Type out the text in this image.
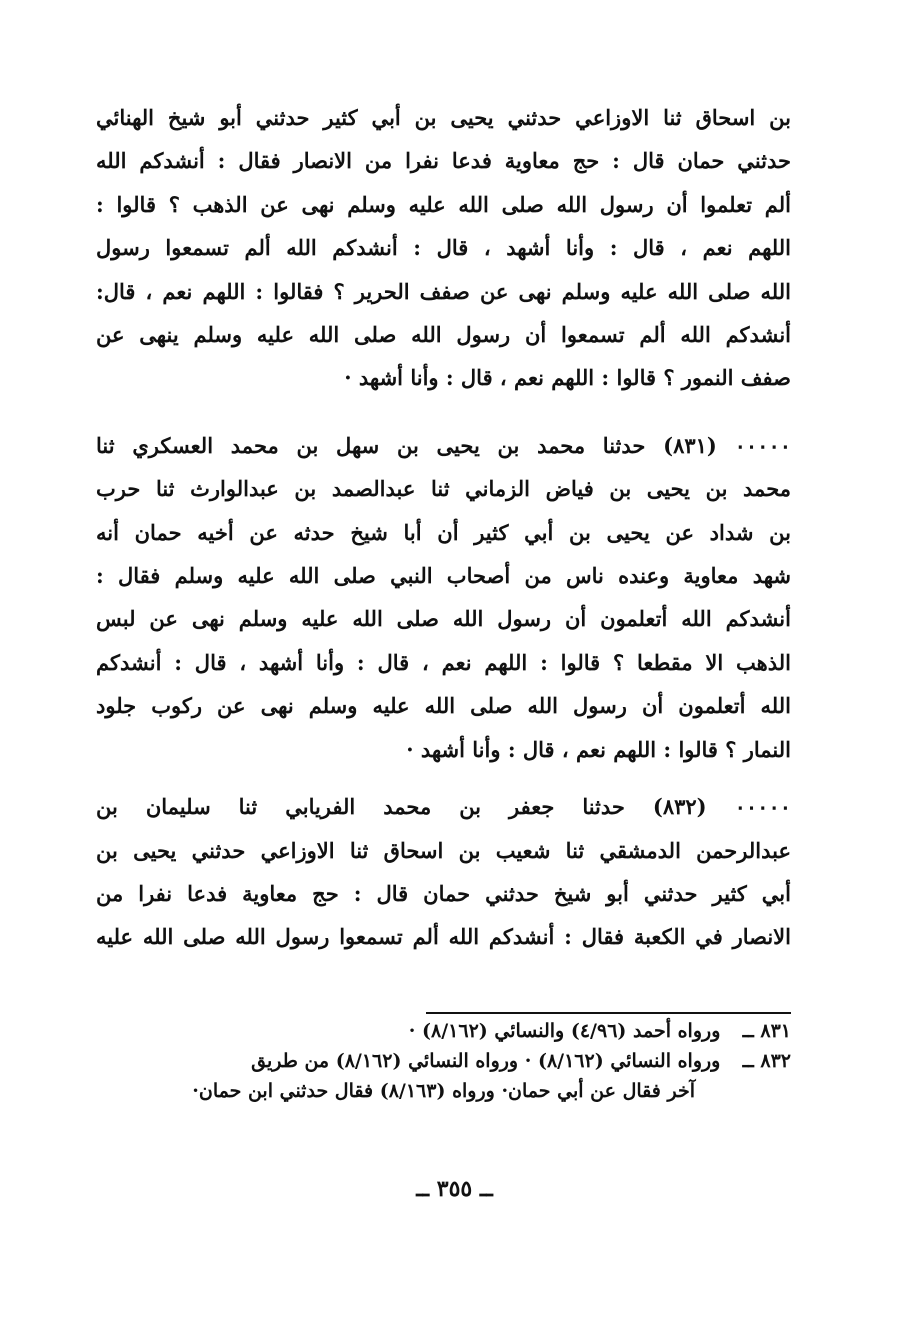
بن اسحاق ثنا الاوزاعي حدثني يحيى بن أبي كثير حدثني أبو شيخ الهنائي
حدثني حمان قال : حج معاوية فدعا نفرا من الانصار فقال : أنشدكم الله
ألم تعلموا أن رسول الله صلى الله عليه وسلم نهى عن الذهب ؟ قالوا :
اللهم نعم ، قال : وأنا أشهد ، قال : أنشدكم الله ألم تسمعوا رسول
الله صلى الله عليه وسلم نهى عن صفف الحرير ؟ فقالوا : اللهم نعم ، قال:
أنشدكم الله ألم تسمعوا أن رسول الله صلى الله عليه وسلم ينهى عن
صفف النمور ؟ قالوا : اللهم نعم ، قال : وأنا أشهد ·
٠٠٠٠٠ (٨٣١) حدثنا محمد بن يحيى بن سهل بن محمد العسكري ثنا
محمد بن يحيى بن فياض الزماني ثنا عبدالصمد بن عبدالوارث ثنا حرب
بن شداد عن يحيى بن أبي كثير أن أبا شيخ حدثه عن أخيه حمان أنه
شهد معاوية وعنده ناس من أصحاب النبي صلى الله عليه وسلم فقال :
أنشدكم الله أتعلمون أن رسول الله صلى الله عليه وسلم نهى عن لبس
الذهب الا مقطعا ؟ قالوا : اللهم نعم ، قال : وأنا أشهد ، قال : أنشدكم
الله أتعلمون أن رسول الله صلى الله عليه وسلم نهى عن ركوب جلود
النمار ؟ قالوا : اللهم نعم ، قال : وأنا أشهد ·
٠٠٠٠٠ (٨٣٢) حدثنا جعفر بن محمد الفريابي ثنا سليمان بن
عبدالرحمن الدمشقي ثنا شعيب بن اسحاق ثنا الاوزاعي حدثني يحيى بن
أبي كثير حدثني أبو شيخ حدثني حمان قال : حج معاوية فدعا نفرا من
الانصار في الكعبة فقال : أنشدكم الله ألم تسمعوا رسول الله صلى الله عليه
٨٣١ ــ ورواه أحمد (٤/٩٦) والنسائي (٨/١٦٢) ·
٨٣٢ ــ ورواه النسائي (٨/١٦٢) · ورواه النسائي (٨/١٦٢) من طريق
آخر فقال عن أبي حمان· ورواه (٨/١٦٣) فقال حدثني ابن حمان·
ــ ٣٥٥ ــ
